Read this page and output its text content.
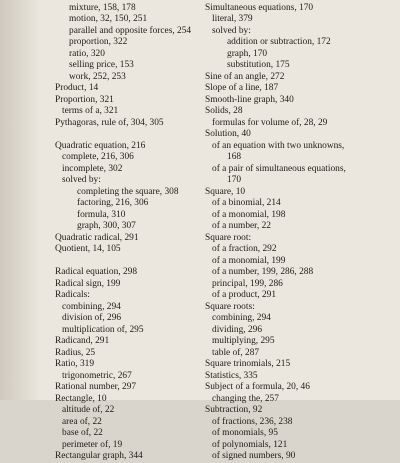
mixture, 158, 178
motion, 32, 150, 251
parallel and opposite forces, 254
proportion, 322
ratio, 320
selling price, 153
work, 252, 253
Product, 14
Proportion, 321
terms of a, 321
Pythagoras, rule of, 304, 305
Quadratic equation, 216
complete, 216, 306
incomplete, 302
solved by:
completing the square, 308
factoring, 216, 306
formula, 310
graph, 300, 307
Quadratic radical, 291
Quotient, 14, 105
Radical equation, 298
Radical sign, 199
Radicals:
combining, 294
division of, 296
multiplication of, 295
Radicand, 291
Radius, 25
Ratio, 319
trigonometric, 267
Rational number, 297
Rectangle, 10
altitude of, 22
area of, 22
base of, 22
perimeter of, 19
Rectangular graph, 344
Simultaneous equations, 170
literal, 379
solved by:
addition or subtraction, 172
graph, 170
substitution, 175
Sine of an angle, 272
Slope of a line, 187
Smooth-line graph, 340
Solids, 28
formulas for volume of, 28, 29
Solution, 40
of an equation with two unknowns,
168
of a pair of simultaneous equations,
170
Square, 10
of a binomial, 214
of a monomial, 198
of a number, 22
Square root:
of a fraction, 292
of a monomial, 199
of a number, 199, 286, 288
principal, 199, 286
of a product, 291
Square roots:
combining, 294
dividing, 296
multiplying, 295
table of, 287
Square trinomials, 215
Statistics, 335
Subject of a formula, 20, 46
changing the, 257
Subtraction, 92
of fractions, 236, 238
of monomials, 95
of polynomials, 121
of signed numbers, 90
